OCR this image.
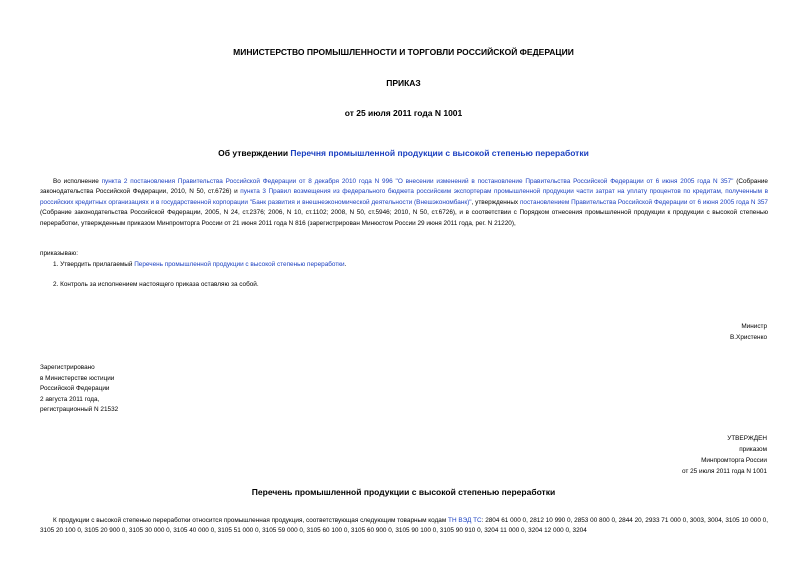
МИНИСТЕРСТВО ПРОМЫШЛЕННОСТИ И ТОРГОВЛИ РОССИЙСКОЙ ФЕДЕРАЦИИ
ПРИКАЗ
от 25 июля 2011 года N 1001
Об утверждении Перечня промышленной продукции с высокой степенью переработки
Во исполнение пункта 2 постановления Правительства Российской Федерации от 8 декабря 2010 года N 996 "О внесении изменений в постановление Правительства Российской Федерации от 6 июня 2005 года N 357" (Собрание законодательства Российской Федерации, 2010, N 50, ст.6726) и пункта 3 Правил возмещения из федерального бюджета российским экспортерам промышленной продукции части затрат на уплату процентов по кредитам, полученным в российских кредитных организациях и в государственной корпорации "Банк развития и внешнеэкономической деятельности (Внешэкономбанк)", утвержденных постановлением Правительства Российской Федерации от 6 июня 2005 года N 357 (Собрание законодательства Российской Федерации, 2005, N 24, ст.2376; 2006, N 10, ст.1102; 2008, N 50, ст.5946; 2010, N 50, ст.6726), и в соответствии с Порядком отнесения промышленной продукции к продукции с высокой степенью переработки, утвержденным приказом Минпромторга России от 21 июня 2011 года N 816 (зарегистрирован Минюстом России 29 июня 2011 года, рег. N 21220),
приказываю:
1. Утвердить прилагаемый Перечень промышленной продукции с высокой степенью переработки.
2. Контроль за исполнением настоящего приказа оставляю за собой.
Министр
В.Христенко
Зарегистрировано
в Министерстве юстиции
Российской Федерации
2 августа 2011 года,
регистрационный N 21532
УТВЕРЖДЕН
приказом
Минпромторга России
от 25 июля 2011 года N 1001
Перечень промышленной продукции с высокой степенью переработки
К продукции с высокой степенью переработки относится промышленная продукция, соответствующая следующим товарным кодам ТН ВЭД ТС: 2804 61 000 0, 2812 10 990 0, 2853 00 800 0, 2844 20, 2933 71 000 0, 3003, 3004, 3105 10 000 0, 3105 20 100 0, 3105 20 900 0, 3105 30 000 0, 3105 40 000 0, 3105 51 000 0, 3105 59 000 0, 3105 60 100 0, 3105 60 900 0, 3105 90 100 0, 3105 90 910 0, 3204 11 000 0, 3204 12 000 0, 3204
